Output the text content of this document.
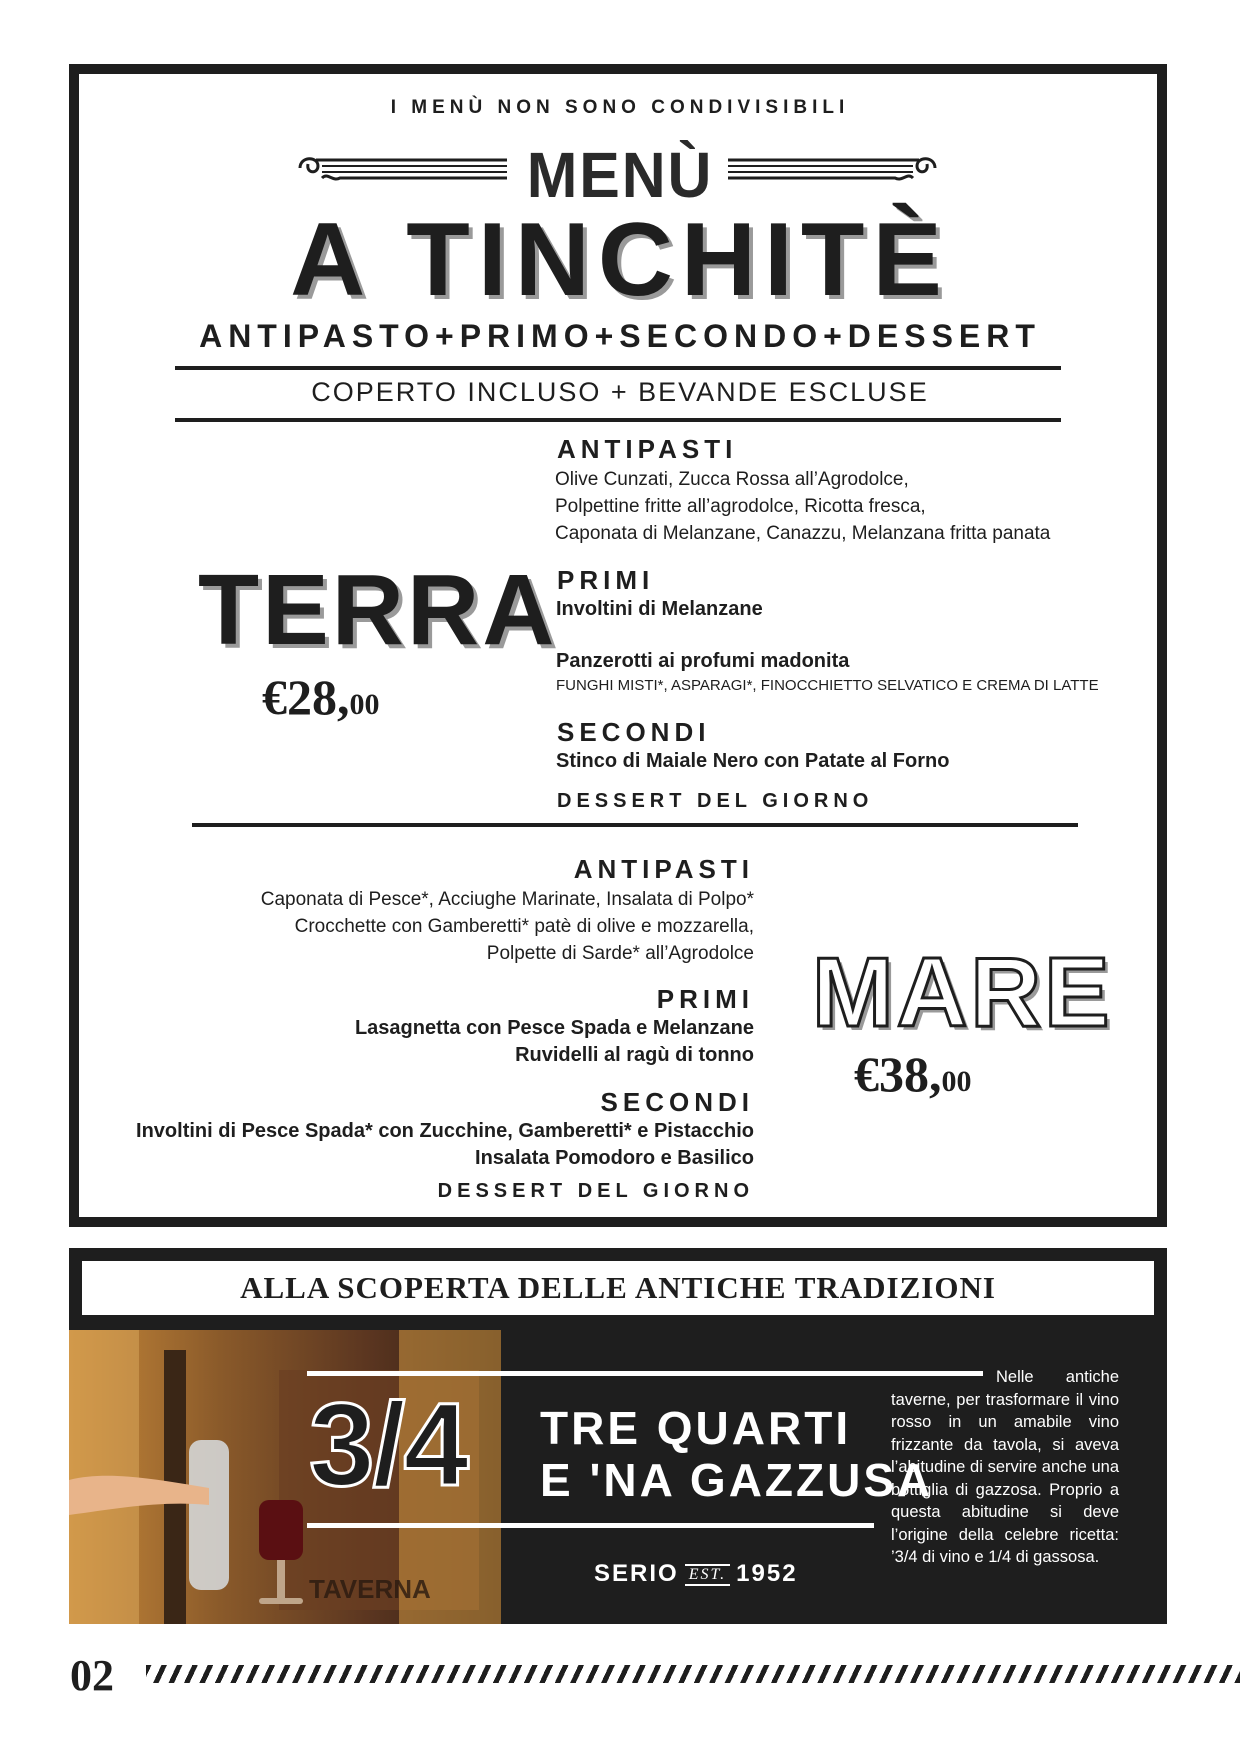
I MENÙ NON SONO CONDIVISIBILI
MENÙ
A TINCHITÈ
ANTIPASTO+PRIMO+SECONDO+DESSERT
COPERTO INCLUSO + BEVANDE ESCLUSE
TERRA
€28,00
ANTIPASTI
Olive Cunzati, Zucca Rossa all’Agrodolce,
Polpettine fritte all’agrodolce, Ricotta fresca,
Caponata di Melanzane, Canazzu, Melanzana fritta panata
PRIMI
Involtini di Melanzane
Panzerotti ai profumi madonita
FUNGHI MISTI*, ASPARAGI*, FINOCCHIETTO SELVATICO E CREMA DI LATTE
SECONDI
Stinco di Maiale Nero con Patate al Forno
DESSERT DEL GIORNO
ANTIPASTI
Caponata di Pesce*, Acciughe Marinate, Insalata di Polpo*
Crocchette con Gamberetti* patè di olive e mozzarella,
Polpette di Sarde* all’Agrodolce
PRIMI
Lasagnetta con Pesce Spada e Melanzane
Ruvidelli al ragù di tonno
SECONDI
Involtini di Pesce Spada* con Zucchine, Gamberetti* e Pistacchio
Insalata Pomodoro e Basilico
DESSERT DEL GIORNO
MARE
€38,00
ALLA SCOPERTA DELLE ANTICHE TRADIZIONI
TAVERNA
3/4 TRE QUARTI
E 'NA GAZZUSA
SERIO EST. 1952
Nelle antiche
taverne, per trasformare il vino rosso in un amabile vino frizzante da tavola, si aveva l’abitudine di servire anche una bottiglia di gazzosa. Proprio a questa abitudine si deve l’origine della celebre ricetta: ’3/4 di vino e 1/4 di gassosa.
02
